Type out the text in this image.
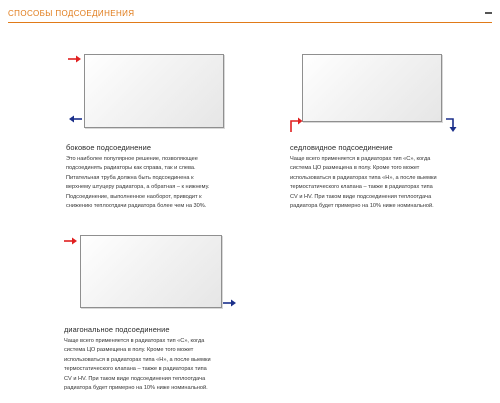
СПОСОБЫ ПОДСОЕДИНЕНИЯ
боковое подсоединение
Это наиболее популярное решение, позволяющее
подсоединять радиаторы как справа, так и слева.
Питательная труба должна быть подсоединена к
верхнему штуцеру радиатора, а обратная – к нижнему.
Подсоединение, выполненное наоборот, приводит к
снижению теплоотдачи радиатора более чем на 30%.
седловидное подсоединение
Чаще всего применяется в радиаторах тип «C», когда
система ЦО размещена в полу. Кроме того может
использоваться в радиаторах типа «H», а после выемки
термостатического клапана – также в радиаторах типа
CV и HV. При таком виде подсоединения теплоотдача
радиатора будет примерно на 10% ниже номинальной.
диагональное подсоединение
Чаще всего применяется в радиаторах тип «C», когда
система ЦО размещена в полу. Кроме того может
использоваться в радиаторах типа «H», а после выемки
термостатического клапана – также в радиаторах типа
CV и HV. При таком виде подсоединения теплоотдача
радиатора будет примерно на 10% ниже номинальной.
